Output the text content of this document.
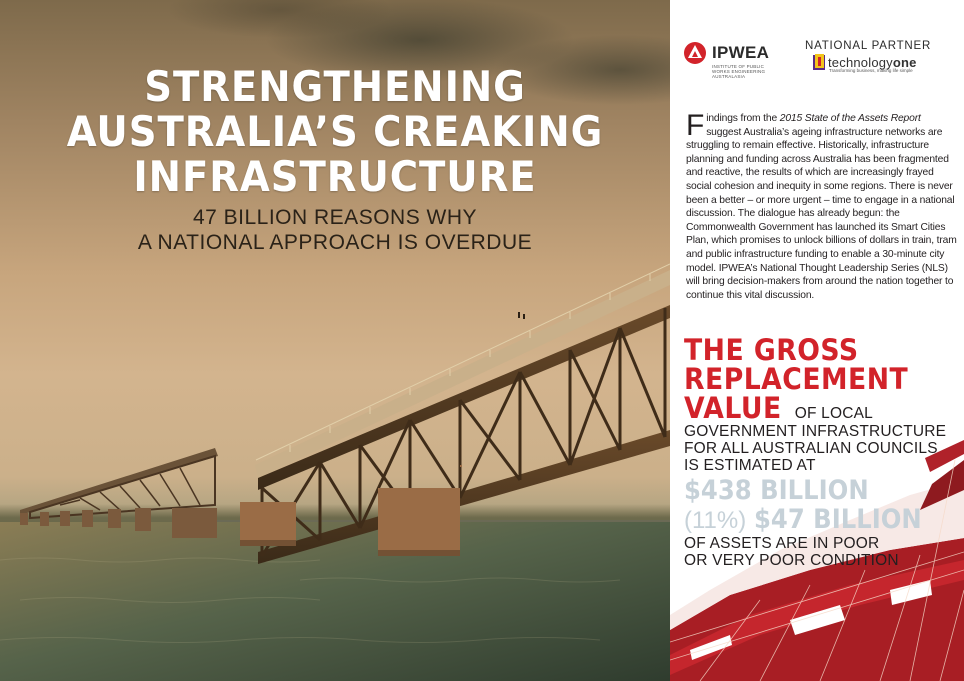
STRENGTHENING
AUSTRALIA’S CREAKING
INFRASTRUCTURE
47 BILLION REASONS WHY
A NATIONAL APPROACH IS OVERDUE
IPWEA
INSTITUTE OF PUBLIC WORKS ENGINEERING AUSTRALASIA
NATIONAL PARTNER
technologyone
Transforming business, making life simple
Findings from the 2015 State of the Assets Report suggest Australia’s ageing infrastructure networks are struggling to remain effective. Historically, infrastructure planning and funding across Australia has been fragmented and reactive, the results of which are increasingly frayed social cohesion and inequity in some regions. There is never been a better – or more urgent – time to engage in a national discussion. The dialogue has already begun: the Commonwealth Government has launched its Smart Cities Plan, which promises to unlock billions of dollars in train, tram and public infrastructure funding to enable a 30-minute city model. IPWEA’s National Thought Leadership Series (NLS) will bring decision-makers from around the nation together to continue this vital discussion.
THE GROSS
REPLACEMENT
VALUE OF LOCAL
GOVERNMENT INFRASTRUCTURE
FOR ALL AUSTRALIAN COUNCILS
IS ESTIMATED AT
$438 BILLION
(11%) $47 BILLION
OF ASSETS ARE IN POOR
OR VERY POOR CONDITION
